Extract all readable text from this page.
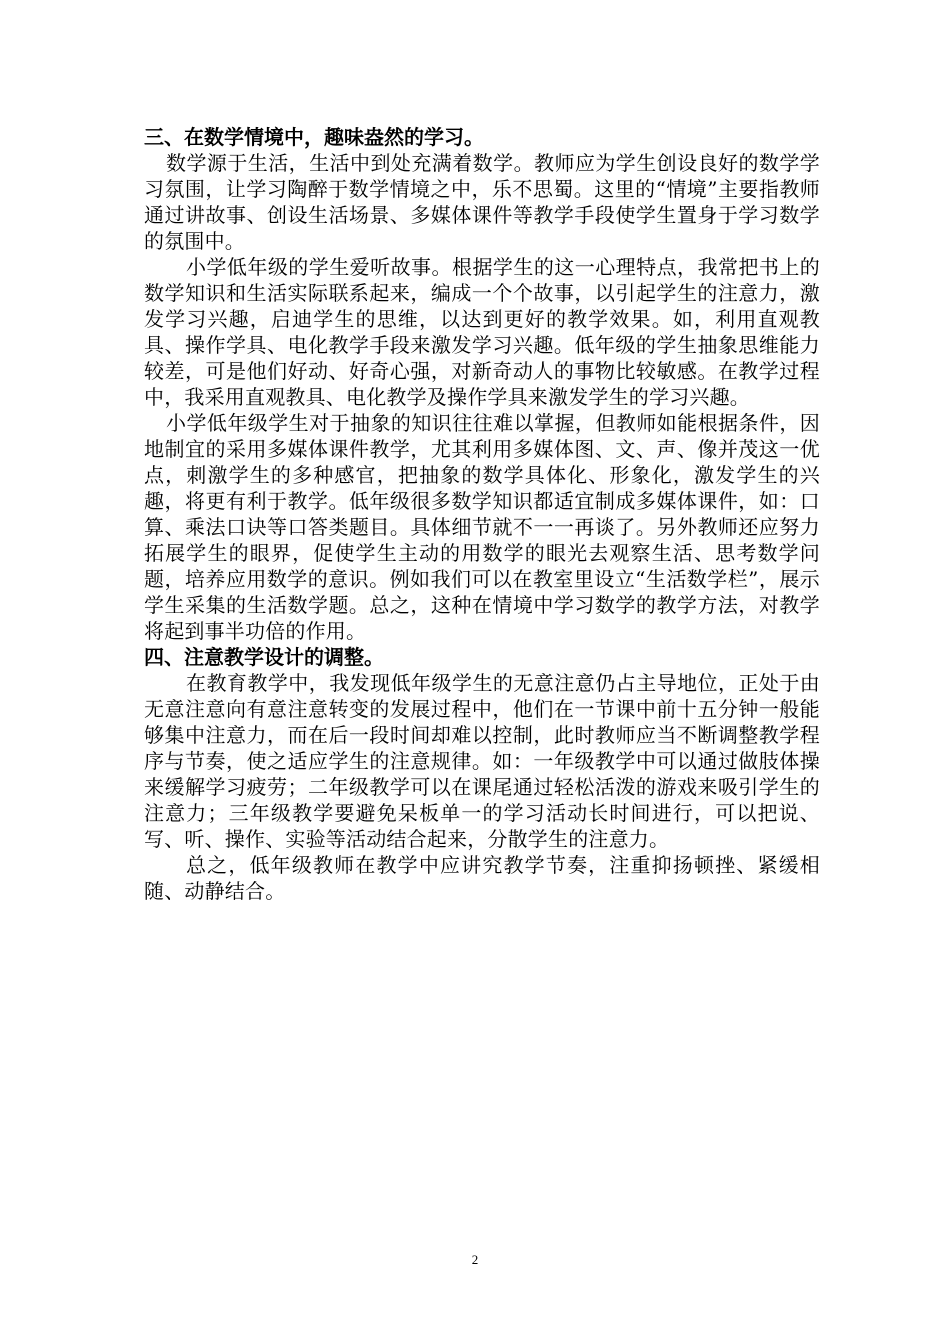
三、在数学情境中，趣味盎然的学习。

数学源于生活，生活中到处充满着数学。教师应为学生创设良好的数学学习氛围，让学习陶醉于数学情境之中，乐不思蜀。这里的“情境”主要指教师通过讲故事、创设生活场景、多媒体课件等教学手段使学生置身于学习数学的氛围中。

小学低年级的学生爱听故事。根据学生的这一心理特点，我常把书上的数学知识和生活实际联系起来，编成一个个故事，以引起学生的注意力，激发学习兴趣，启迪学生的思维，以达到更好的教学效果。如，利用直观教具、操作学具、电化教学手段来激发学习兴趣。低年级的学生抽象思维能力较差，可是他们好动、好奇心强，对新奇动人的事物比较敏感。在教学过程中，我采用直观教具、电化教学及操作学具来激发学生的学习兴趣。

小学低年级学生对于抽象的知识往往难以掌握，但教师如能根据条件，因地制宜的采用多媒体课件教学，尤其利用多媒体图、文、声、像并茂这一优点，刺激学生的多种感官，把抽象的数学具体化、形象化，激发学生的兴趣，将更有利于教学。低年级很多数学知识都适宜制成多媒体课件，如：口算、乘法口诀等口答类题目。具体细节就不一一再谈了。另外教师还应努力拓展学生的眼界，促使学生主动的用数学的眼光去观察生活、思考数学问题，培养应用数学的意识。例如我们可以在教室里设立“生活数学栏”，展示学生采集的生活数学题。总之，这种在情境中学习数学的教学方法，对教学将起到事半功倍的作用。

四、注意教学设计的调整。

在教育教学中，我发现低年级学生的无意注意仍占主导地位，正处于由无意注意向有意注意转变的发展过程中，他们在一节课中前十五分钟一般能够集中注意力，而在后一段时间却难以控制，此时教师应当不断调整教学程序与节奏，使之适应学生的注意规律。如：一年级教学中可以通过做肢体操来缓解学习疲劳；二年级教学可以在课尾通过轻松活泼的游戏来吸引学生的注意力；三年级教学要避免呆板单一的学习活动长时间进行，可以把说、写、听、操作、实验等活动结合起来，分散学生的注意力。

总之，低年级教师在教学中应讲究教学节奏，注重抑扬顿挫、紧缓相随、动静结合。

2
